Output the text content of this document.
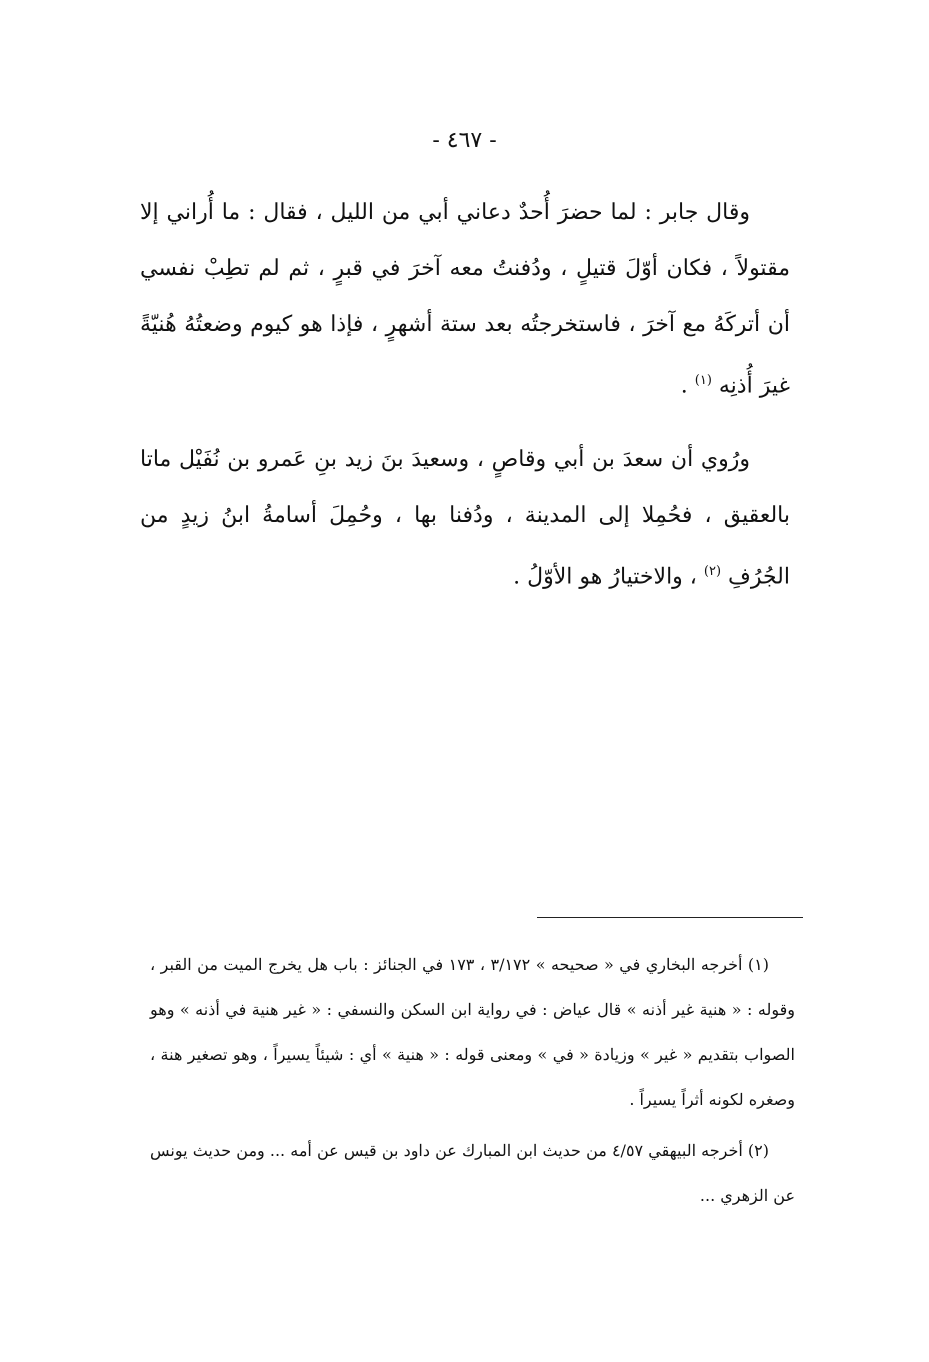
- ٤٦٧ -

وقال جابر : لما حضرَ أُحدٌ دعاني أبي من الليل ، فقال : ما أُراني إلا مقتولاً ، فكان أوّلَ قتيلٍ ، ودُفنتُ معه آخرَ في قبرٍ ، ثم لم تطِبْ نفسي أن أتركَهُ مع آخرَ ، فاستخرجتُه بعد ستة أشهرٍ ، فإذا هو كيوم وضعتُهُ هُنيّةً غيرَ أُذنِه $^{(١)}$ .

ورُوي أن سعدَ بن أبي وقاصٍ ، وسعيدَ بنَ زيد بنِ عَمرو بن نُفَيْل ماتا بالعقيق ، فحُمِلا إلى المدينة ، ودُفنا بها ، وحُمِلَ أسامةُ ابنُ زيدٍ من الجُرُفِ $^{(٢)}$ ، والاختيارُ هو الأوّلُ .

(١) أخرجه البخاري في « صحيحه » ٣/١٧٢ ، ١٧٣ في الجنائز : باب هل يخرج الميت من القبر ، وقوله : « هنية غير أذنه » قال عياض : في رواية ابن السكن والنسفي : « غير هنية في أذنه » وهو الصواب بتقديم « غير » وزيادة « في » ومعنى قوله : « هنية » أي : شيئاً يسيراً ، وهو تصغير هنة ، وصغره لكونه أثراً يسيراً .

(٢) أخرجه البيهقي ٤/٥٧ من حديث ابن المبارك عن داود بن قيس عن أمه ... ومن حديث يونس عن الزهري ...
